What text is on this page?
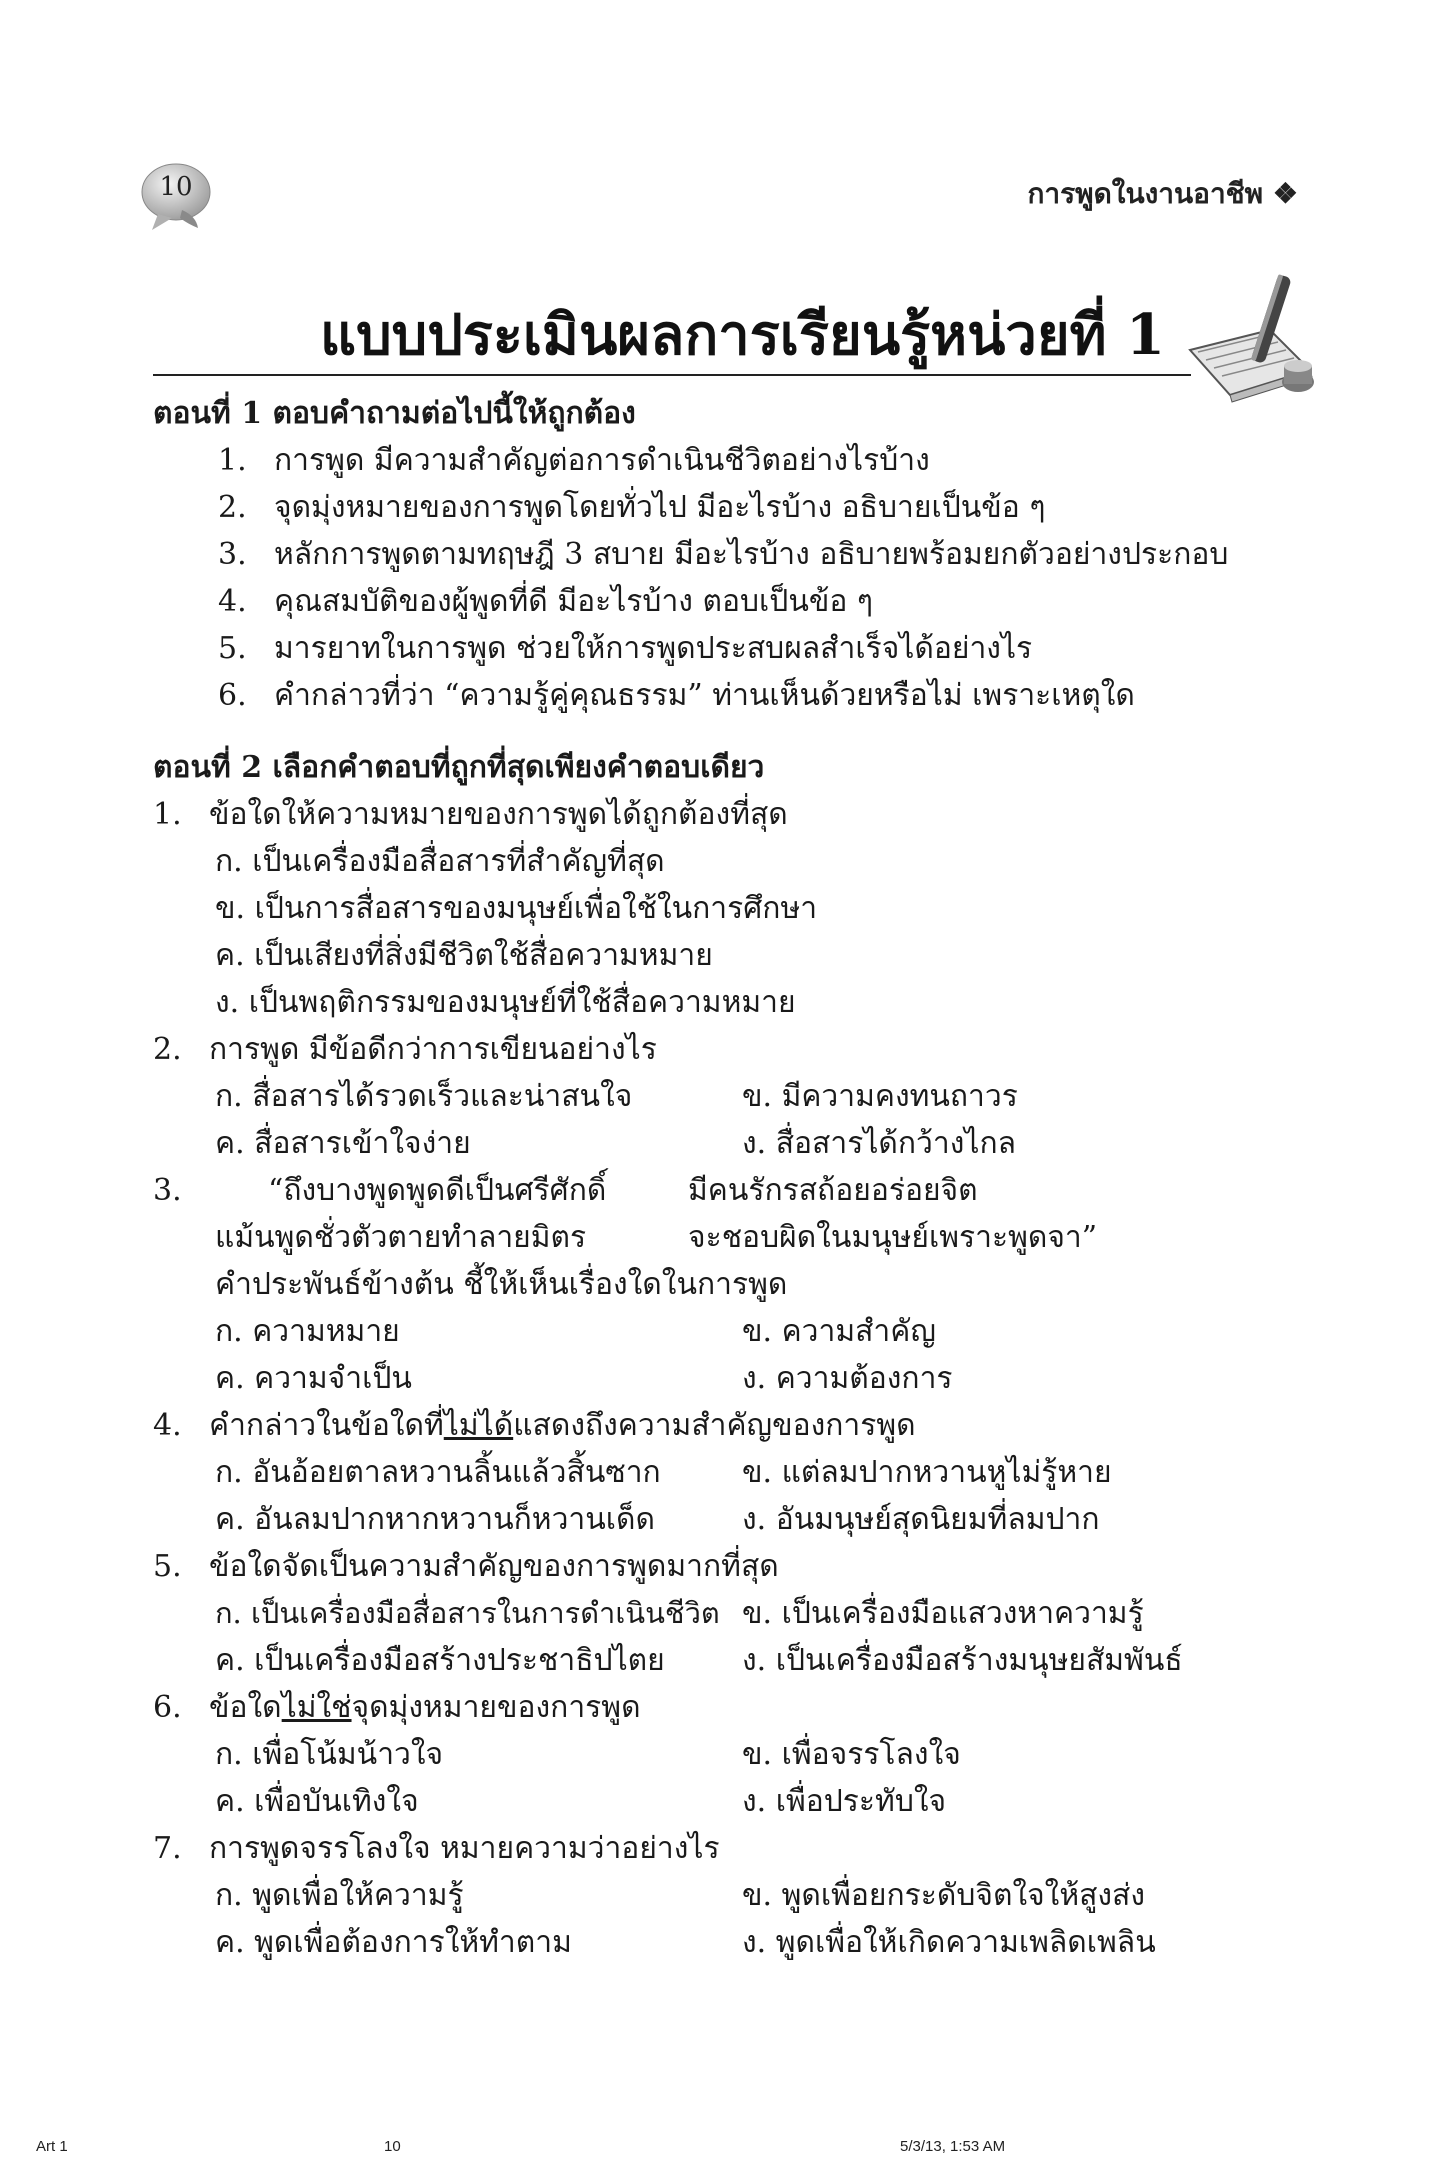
10	การพูดในงานอาชีพ ❖
แบบประเมินผลการเรียนรู้หน่วยที่ 1
ตอนที่ 1 ตอบคำถามต่อไปนี้ให้ถูกต้อง
1. การพูด มีความสำคัญต่อการดำเนินชีวิตอย่างไรบ้าง
2. จุดมุ่งหมายของการพูดโดยทั่วไป มีอะไรบ้าง อธิบายเป็นข้อ ๆ
3. หลักการพูดตามทฤษฎี 3 สบาย มีอะไรบ้าง อธิบายพร้อมยกตัวอย่างประกอบ
4. คุณสมบัติของผู้พูดที่ดี มีอะไรบ้าง ตอบเป็นข้อ ๆ
5. มารยาทในการพูด ช่วยให้การพูดประสบผลสำเร็จได้อย่างไร
6. คำกล่าวที่ว่า “ความรู้คู่คุณธรรม” ท่านเห็นด้วยหรือไม่ เพราะเหตุใด
ตอนที่ 2 เลือกคำตอบที่ถูกที่สุดเพียงคำตอบเดียว
1. ข้อใดให้ความหมายของการพูดได้ถูกต้องที่สุด
ก. เป็นเครื่องมือสื่อสารที่สำคัญที่สุด
ข. เป็นการสื่อสารของมนุษย์เพื่อใช้ในการศึกษา
ค. เป็นเสียงที่สิ่งมีชีวิตใช้สื่อความหมาย
ง. เป็นพฤติกรรมของมนุษย์ที่ใช้สื่อความหมาย
2. การพูด มีข้อดีกว่าการเขียนอย่างไร
ก. สื่อสารได้รวดเร็วและน่าสนใจ	ข. มีความคงทนถาวร
ค. สื่อสารเข้าใจง่าย	ง. สื่อสารได้กว้างไกล
3.	“ถึงบางพูดพูดดีเป็นศรีศักดิ์	มีคนรักรสถ้อยอร่อยจิต
แม้นพูดชั่วตัวตายทำลายมิตร	จะชอบผิดในมนุษย์เพราะพูดจา”
คำประพันธ์ข้างต้น ชี้ให้เห็นเรื่องใดในการพูด
ก. ความหมาย	ข. ความสำคัญ
ค. ความจำเป็น	ง. ความต้องการ
4. คำกล่าวในข้อใดที่ไม่ได้แสดงถึงความสำคัญของการพูด
ก. อันอ้อยตาลหวานลิ้นแล้วสิ้นซาก	ข. แต่ลมปากหวานหูไม่รู้หาย
ค. อันลมปากหากหวานก็หวานเด็ด	ง. อันมนุษย์สุดนิยมที่ลมปาก
5. ข้อใดจัดเป็นความสำคัญของการพูดมากที่สุด
ก. เป็นเครื่องมือสื่อสารในการดำเนินชีวิต ข. เป็นเครื่องมือแสวงหาความรู้
ค. เป็นเครื่องมือสร้างประชาธิปไตย	ง. เป็นเครื่องมือสร้างมนุษยสัมพันธ์
6. ข้อใดไม่ใช่จุดมุ่งหมายของการพูด
ก. เพื่อโน้มน้าวใจ	ข. เพื่อจรรโลงใจ
ค. เพื่อบันเทิงใจ	ง. เพื่อประทับใจ
7. การพูดจรรโลงใจ หมายความว่าอย่างไร
ก. พูดเพื่อให้ความรู้	ข. พูดเพื่อยกระดับจิตใจให้สูงส่ง
ค. พูดเพื่อต้องการให้ทำตาม	ง. พูดเพื่อให้เกิดความเพลิดเพลิน
Art 1	10	5/3/13, 1:53 AM
